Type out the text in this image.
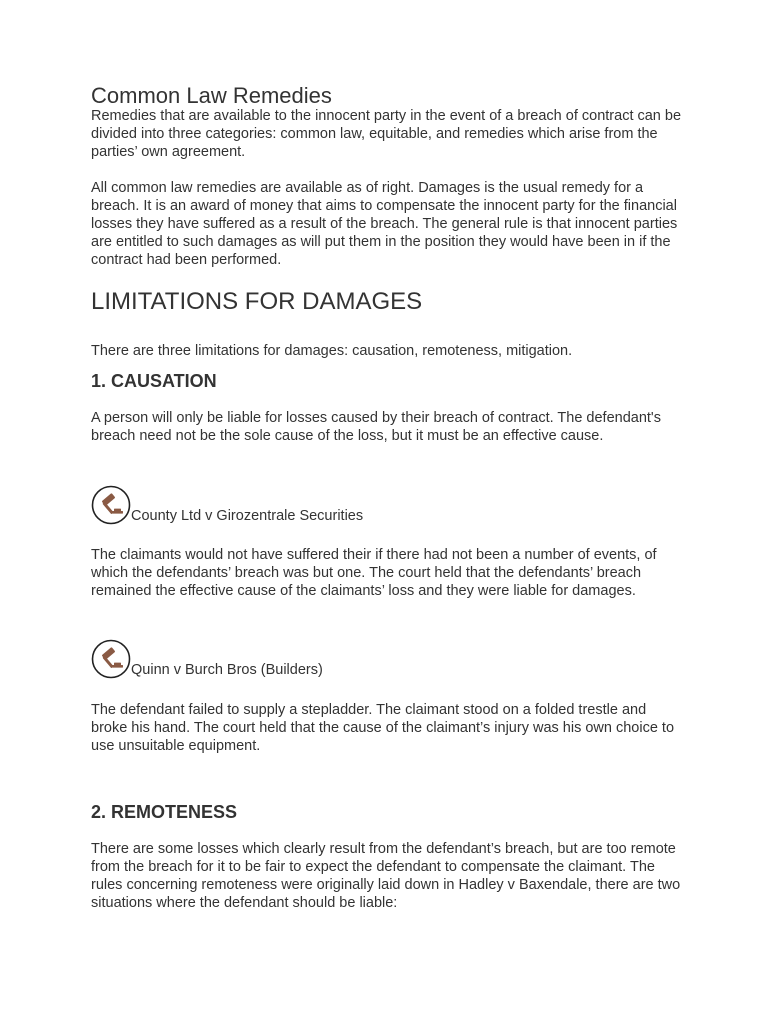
Common Law Remedies

Remedies that are available to the innocent party in the event of a breach of contract can be divided into three categories: common law, equitable, and remedies which arise from the parties’ own agreement.

All common law remedies are available as of right. Damages is the usual remedy for a breach. It is an award of money that aims to compensate the innocent party for the financial losses they have suffered as a result of the breach. The general rule is that innocent parties are entitled to such damages as will put them in the position they would have been in if the contract had been performed.

LIMITATIONS FOR DAMAGES

There are three limitations for damages: causation, remoteness, mitigation.

1. CAUSATION

A person will only be liable for losses caused by their breach of contract. The defendant's breach need not be the sole cause of the loss, but it must be an effective cause.

County Ltd v Girozentrale Securities

The claimants would not have suffered their if there had not been a number of events, of which the defendants’ breach was but one. The court held that the defendants’ breach remained the effective cause of the claimants’ loss and they were liable for damages.

Quinn v Burch Bros (Builders)

The defendant failed to supply a stepladder. The claimant stood on a folded trestle and broke his hand. The court held that the cause of the claimant’s injury was his own choice to use unsuitable equipment.

2. REMOTENESS

There are some losses which clearly result from the defendant’s breach, but are too remote from the breach for it to be fair to expect the defendant to compensate the claimant. The rules concerning remoteness were originally laid down in Hadley v Baxendale, there are two situations where the defendant should be liable:
